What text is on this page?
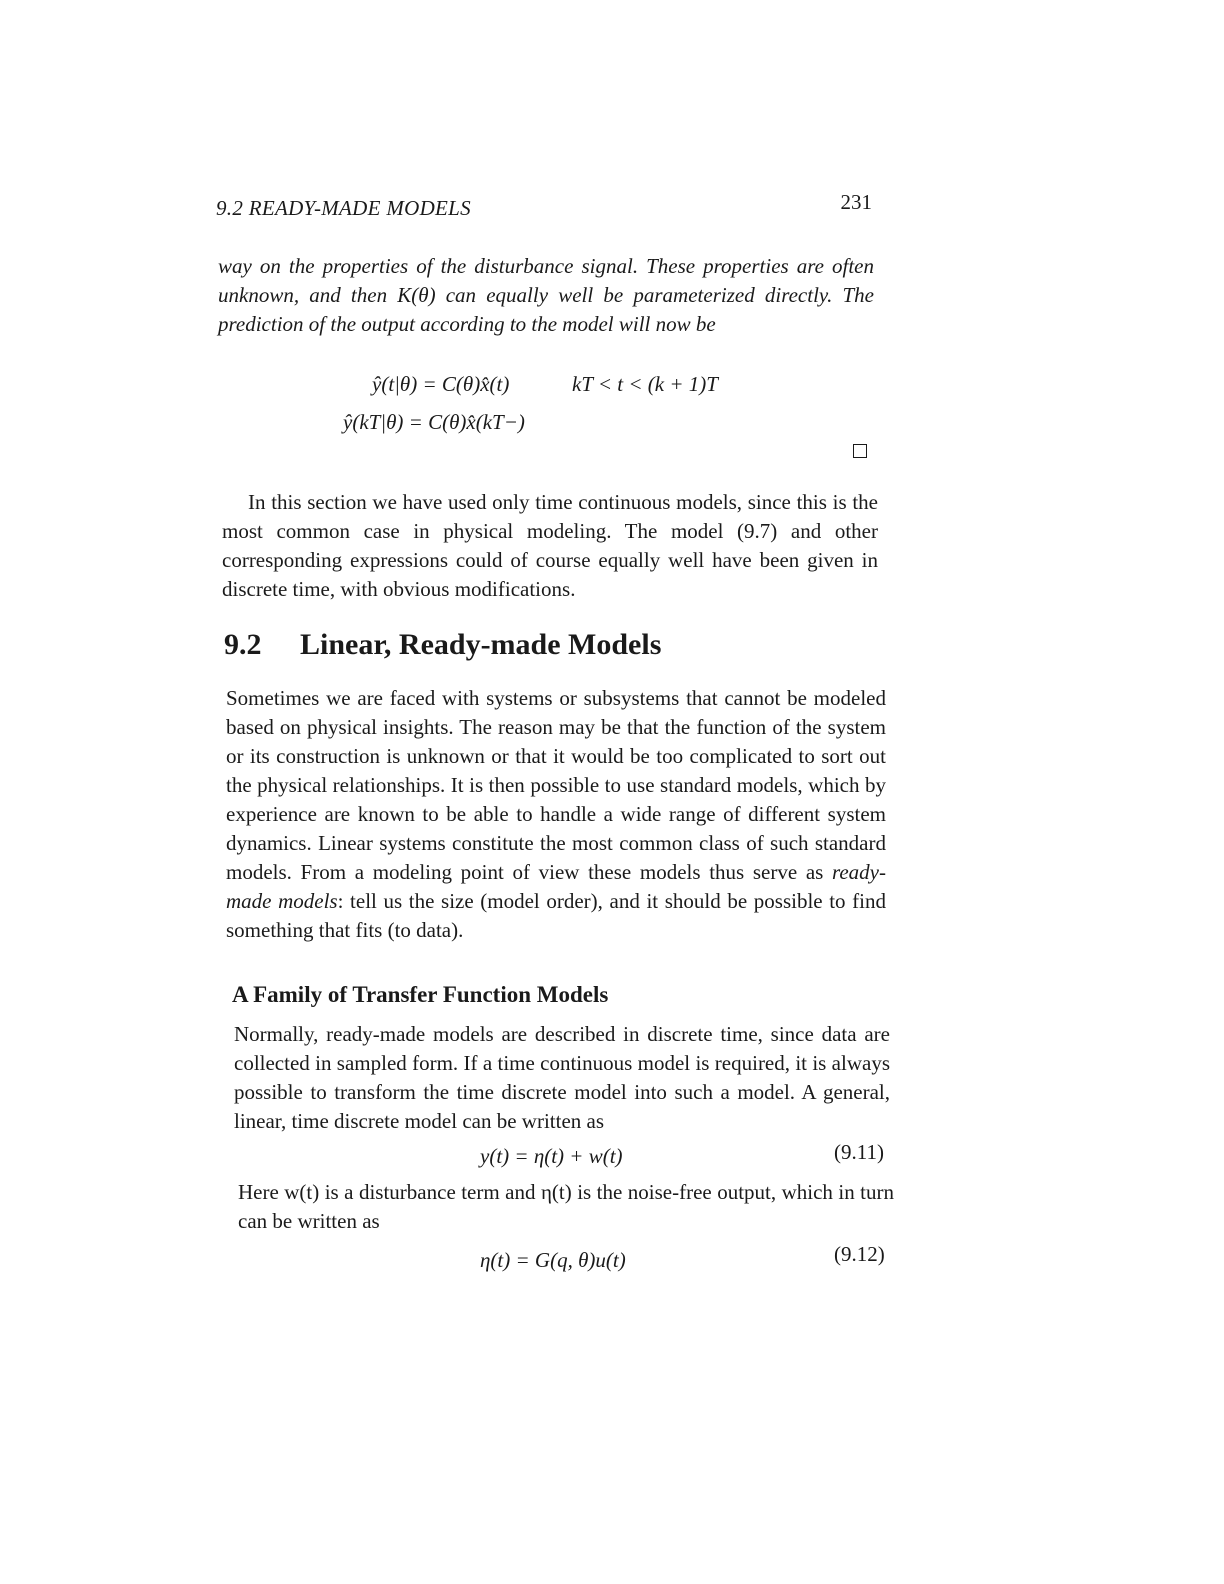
9.2 READY-MADE MODELS	231
way on the properties of the disturbance signal. These properties are often unknown, and then K(θ) can equally well be parameterized directly. The prediction of the output according to the model will now be
ŷ(t|θ) = C(θ)x̂(t)	kT < t < (k + 1)T
ŷ(kT|θ) = C(θ)x̂(kT−)
In this section we have used only time continuous models, since this is the most common case in physical modeling. The model (9.7) and other corresponding expressions could of course equally well have been given in discrete time, with obvious modifications.
9.2 Linear, Ready-made Models
Sometimes we are faced with systems or subsystems that cannot be modeled based on physical insights. The reason may be that the function of the system or its construction is unknown or that it would be too complicated to sort out the physical relationships. It is then possible to use standard models, which by experience are known to be able to handle a wide range of different system dynamics. Linear systems constitute the most common class of such standard models. From a modeling point of view these models thus serve as ready-made models: tell us the size (model order), and it should be possible to find something that fits (to data).
A Family of Transfer Function Models
Normally, ready-made models are described in discrete time, since data are collected in sampled form. If a time continuous model is required, it is always possible to transform the time discrete model into such a model. A general, linear, time discrete model can be written as
y(t) = η(t) + w(t)	(9.11)
Here w(t) is a disturbance term and η(t) is the noise-free output, which in turn can be written as
η(t) = G(q, θ)u(t)	(9.12)
